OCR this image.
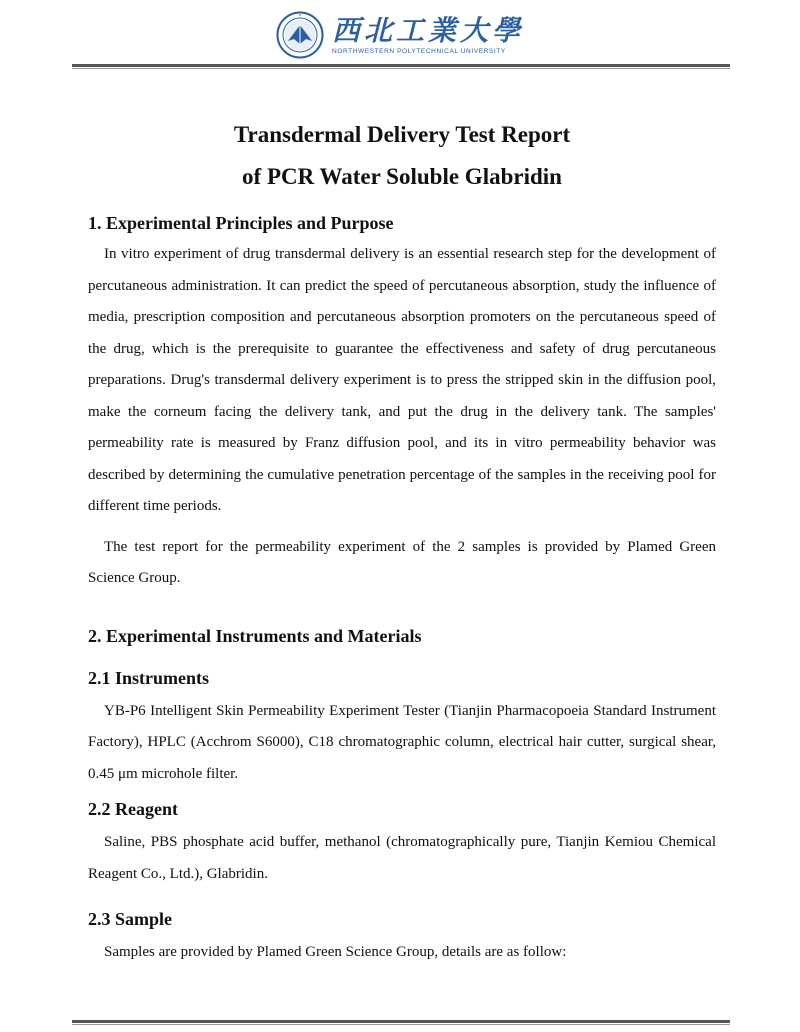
西北工業大學
NORTHWESTERN POLYTECHNICAL UNIVERSITY
Transdermal Delivery Test Report
of PCR Water Soluble Glabridin
1. Experimental Principles and Purpose

In vitro experiment of drug transdermal delivery is an essential research step for the development of percutaneous administration. It can predict the speed of percutaneous absorption, study the influence of media, prescription composition and percutaneous absorption promoters on the percutaneous speed of the drug, which is the prerequisite to guarantee the effectiveness and safety of drug percutaneous preparations. Drug's transdermal delivery experiment is to press the stripped skin in the diffusion pool, make the corneum facing the delivery tank, and put the drug in the delivery tank. The samples' permeability rate is measured by Franz diffusion pool, and its in vitro permeability behavior was described by determining the cumulative penetration percentage of the samples in the receiving pool for different time periods.

The test report for the permeability experiment of the 2 samples is provided by Plamed Green Science Group.

2. Experimental Instruments and Materials
2.1 Instruments

YB-P6 Intelligent Skin Permeability Experiment Tester (Tianjin Pharmacopoeia Standard Instrument Factory), HPLC (Acchrom S6000), C18 chromatographic column, electrical hair cutter, surgical shear, 0.45 μm microhole filter.

2.2 Reagent

Saline, PBS phosphate acid buffer, methanol (chromatographically pure, Tianjin Kemiou Chemical Reagent Co., Ltd.), Glabridin.

2.3 Sample

Samples are provided by Plamed Green Science Group, details are as follow:
